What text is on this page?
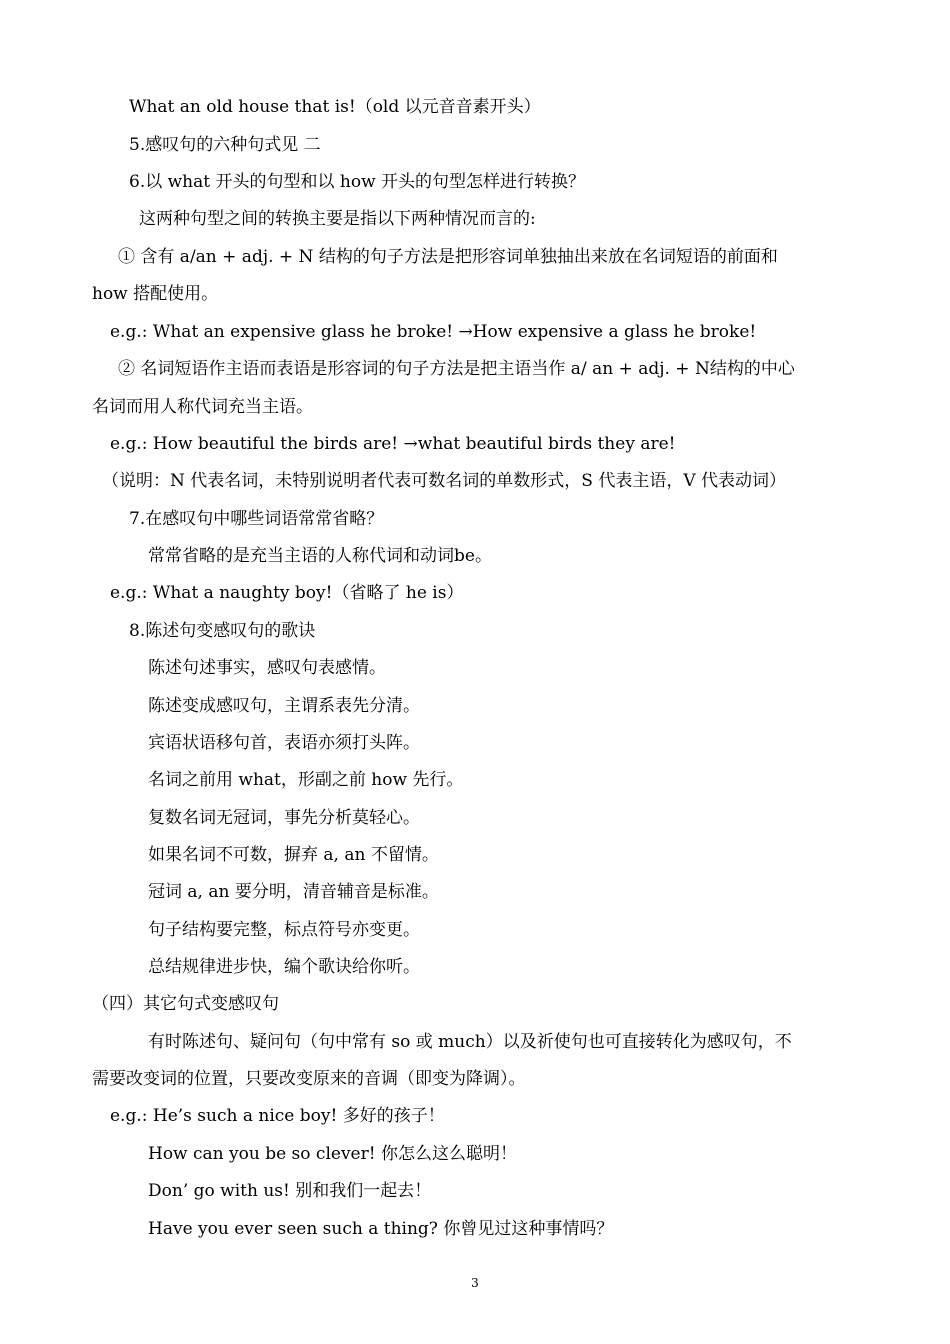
What an old house that is!（old 以元音音素开头）

5.感叹句的六种句式见 二

6.以 what 开头的句型和以 how 开头的句型怎样进行转换？

这两种句型之间的转换主要是指以下两种情况而言的:

① 含有 a/an + adj. + N 结构的句子方法是把形容词单独抽出来放在名词短语的前面和

how 搭配使用。

e.g.: What an expensive glass he broke! →How expensive a glass he broke!

② 名词短语作主语而表语是形容词的句子方法是把主语当作 a/ an + adj. + N结构的中心

名词而用人称代词充当主语。

e.g.: How beautiful the birds are! →what beautiful birds they are!

（说明：N 代表名词，未特别说明者代表可数名词的单数形式，S 代表主语，V 代表动词）

7.在感叹句中哪些词语常常省略？

常常省略的是充当主语的人称代词和动词be。

e.g.: What a naughty boy!（省略了 he is）

8.陈述句变感叹句的歌诀

陈述句述事实，感叹句表感情。

陈述变成感叹句，主谓系表先分清。

宾语状语移句首，表语亦须打头阵。

名词之前用 what，形副之前 how 先行。

复数名词无冠词，事先分析莫轻心。

如果名词不可数，摒弃 a, an 不留情。

冠词 a, an 要分明，清音辅音是标准。

句子结构要完整，标点符号亦变更。

总结规律进步快，编个歌诀给你听。

（四）其它句式变感叹句

有时陈述句、疑问句（句中常有 so 或 much）以及祈使句也可直接转化为感叹句，不

需要改变词的位置，只要改变原来的音调（即变为降调）。

e.g.: He’s such a nice boy! 多好的孩子！

How can you be so clever! 你怎么这么聪明！

Don’ go with us! 别和我们一起去！

Have you ever seen such a thing? 你曾见过这种事情吗？

3
